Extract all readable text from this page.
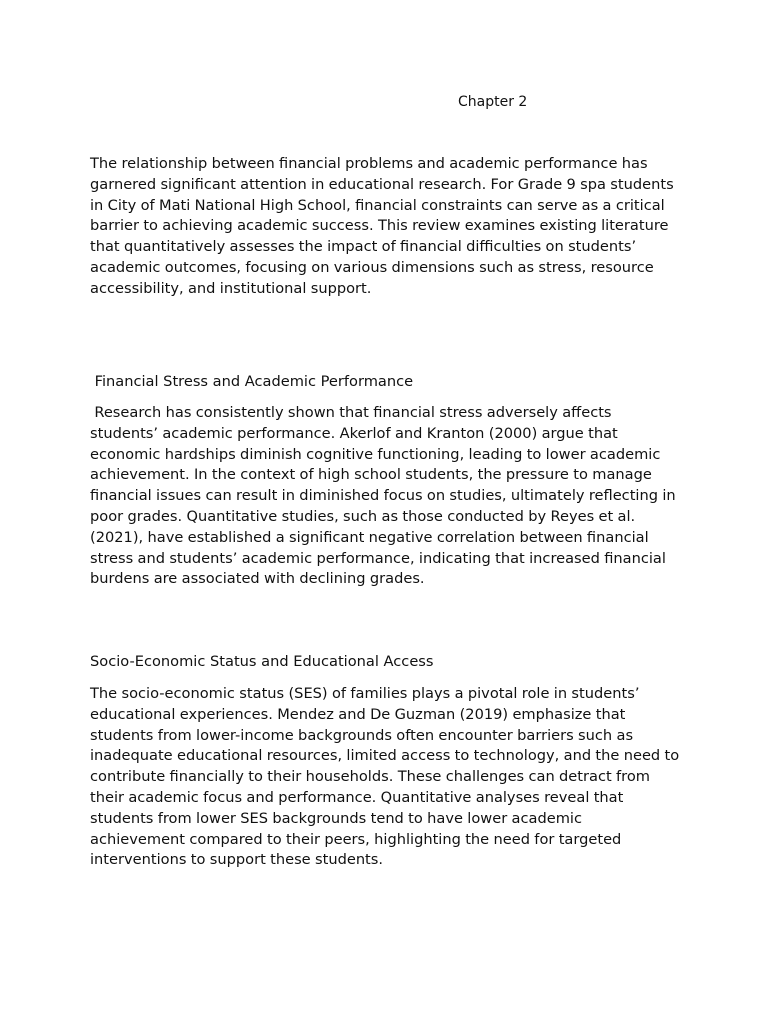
Chapter 2

The relationship between financial problems and academic performance has garnered significant attention in educational research. For Grade 9 spa students in City of Mati National High School, financial constraints can serve as a critical barrier to achieving academic success. This review examines existing literature that quantitatively assesses the impact of financial difficulties on students’ academic outcomes, focusing on various dimensions such as stress, resource accessibility, and institutional support.

Financial Stress and Academic Performance

Research has consistently shown that financial stress adversely affects students’ academic performance. Akerlof and Kranton (2000) argue that economic hardships diminish cognitive functioning, leading to lower academic achievement. In the context of high school students, the pressure to manage financial issues can result in diminished focus on studies, ultimately reflecting in poor grades. Quantitative studies, such as those conducted by Reyes et al. (2021), have established a significant negative correlation between financial stress and students’ academic performance, indicating that increased financial burdens are associated with declining grades.

Socio-Economic Status and Educational Access

The socio-economic status (SES) of families plays a pivotal role in students’ educational experiences. Mendez and De Guzman (2019) emphasize that students from lower-income backgrounds often encounter barriers such as inadequate educational resources, limited access to technology, and the need to contribute financially to their households. These challenges can detract from their academic focus and performance. Quantitative analyses reveal that students from lower SES backgrounds tend to have lower academic achievement compared to their peers, highlighting the need for targeted interventions to support these students.
